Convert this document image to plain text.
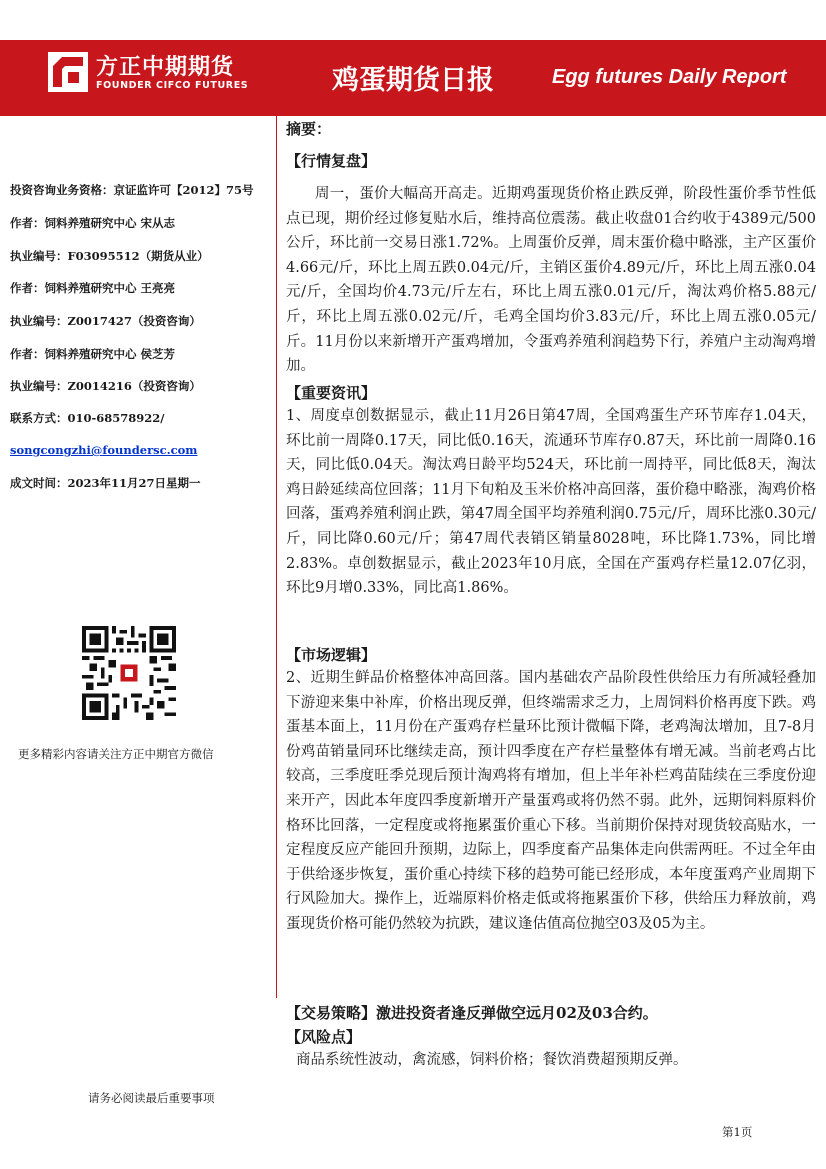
方正中期期货
FOUNDER CIFCO FUTURES	鸡蛋期货日报	Egg futures Daily Report
投资咨询业务资格：京证监许可【2012】75号
作者：饲料养殖研究中心 宋从志
执业编号：F03095512（期货从业）
作者：饲料养殖研究中心 王亮亮
执业编号：Z0017427（投资咨询）
作者：饲料养殖研究中心 侯芝芳
执业编号：Z0014216（投资咨询）
联系方式：010-68578922/
songcongzhi@foundersc.com
成文时间：2023年11月27日星期一
更多精彩内容请关注方正中期官方微信
请务必阅读最后重要事项
摘要：
【行情复盘】
周一，蛋价大幅高开高走。近期鸡蛋现货价格止跌反弹，阶段性蛋价季节性低点已现，期价经过修复贴水后，维持高位震荡。截止收盘01合约收于4389元/500公斤，环比前一交易日涨1.72%。上周蛋价反弹，周末蛋价稳中略涨，主产区蛋价4.66元/斤，环比上周五跌0.04元/斤，主销区蛋价4.89元/斤，环比上周五涨0.04元/斤，全国均价4.73元/斤左右，环比上周五涨0.01元/斤，淘汰鸡价格5.88元/斤，环比上周五涨0.02元/斤，毛鸡全国均价3.83元/斤，环比上周五涨0.05元/斤。11月份以来新增开产蛋鸡增加，令蛋鸡养殖利润趋势下行，养殖户主动淘鸡增加。
【重要资讯】
1、周度卓创数据显示，截止11月26日第47周，全国鸡蛋生产环节库存1.04天，环比前一周降0.17天，同比低0.16天，流通环节库存0.87天，环比前一周降0.16天，同比低0.04天。淘汰鸡日龄平均524天，环比前一周持平，同比低8天，淘汰鸡日龄延续高位回落；11月下旬粕及玉米价格冲高回落，蛋价稳中略涨，淘鸡价格回落，蛋鸡养殖利润止跌，第47周全国平均养殖利润0.75元/斤，周环比涨0.30元/斤，同比降0.60元/斤；第47周代表销区销量8028吨，环比降1.73%，同比增2.83%。卓创数据显示，截止2023年10月底，全国在产蛋鸡存栏量12.07亿羽，环比9月增0.33%，同比高1.86%。
【市场逻辑】
2、近期生鲜品价格整体冲高回落。国内基础农产品阶段性供给压力有所减轻叠加下游迎来集中补库，价格出现反弹，但终端需求乏力，上周饲料价格再度下跌。鸡蛋基本面上，11月份在产蛋鸡存栏量环比预计微幅下降，老鸡淘汰增加，且7-8月份鸡苗销量同环比继续走高，预计四季度在产存栏量整体有增无减。当前老鸡占比较高，三季度旺季兑现后预计淘鸡将有增加，但上半年补栏鸡苗陆续在三季度份迎来开产，因此本年度四季度新增开产量蛋鸡或将仍然不弱。此外，远期饲料原料价格环比回落，一定程度或将拖累蛋价重心下移。当前期价保持对现货较高贴水，一定程度反应产能回升预期，边际上，四季度畜产品集体走向供需两旺。不过全年由于供给逐步恢复，蛋价重心持续下移的趋势可能已经形成，本年度蛋鸡产业周期下行风险加大。操作上，近端原料价格走低或将拖累蛋价下移，供给压力释放前，鸡蛋现货价格可能仍然较为抗跌，建议逢估值高位抛空03及05为主。
【交易策略】激进投资者逢反弹做空远月02及03合约。
【风险点】
商品系统性波动，禽流感，饲料价格；餐饮消费超预期反弹。
第1页
